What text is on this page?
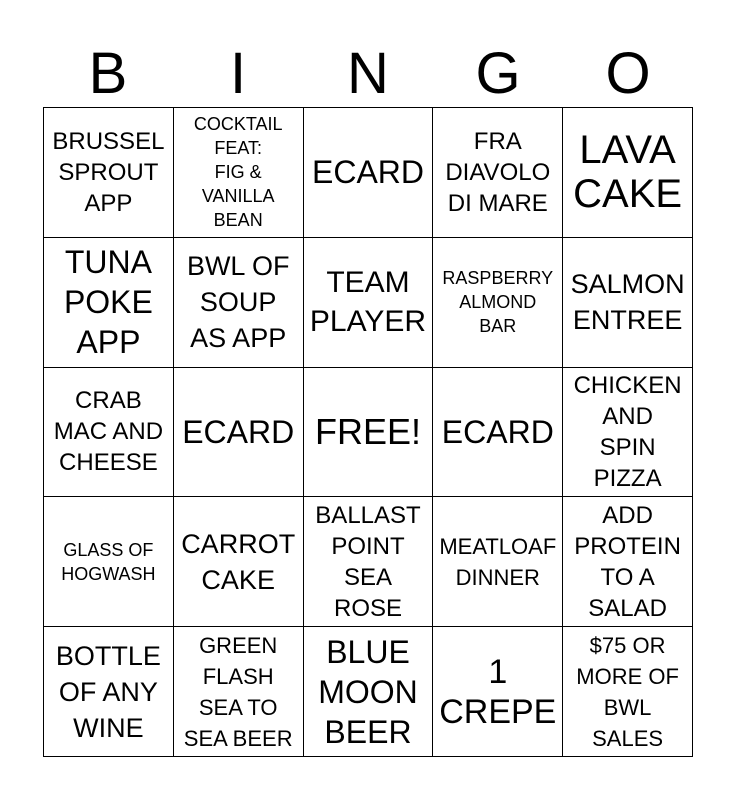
B	I	N	G	O
BRUSSEL
SPROUT
APP
COCKTAIL
FEAT:
FIG &
VANILLA
BEAN
ECARD
FRA
DIAVOLO
DI MARE
LAVA
CAKE
TUNA
POKE
APP
BWL OF
SOUP
AS APP
TEAM
PLAYER
RASPBERRY
ALMOND
BAR
SALMON
ENTREE
CRAB
MAC AND
CHEESE
ECARD FREE! ECARD
CHICKEN
AND
SPIN
PIZZA
GLASS OF
HOGWASH
CARROT
CAKE
BALLAST
POINT
SEA
ROSE
MEATLOAF
DINNER
ADD
PROTEIN
TO A
SALAD
BOTTLE
OF ANY
WINE
GREEN
FLASH
SEA TO
SEA BEER
BLUE
MOON
BEER
1
CREPE
$75 OR
MORE OF
BWL
SALES
